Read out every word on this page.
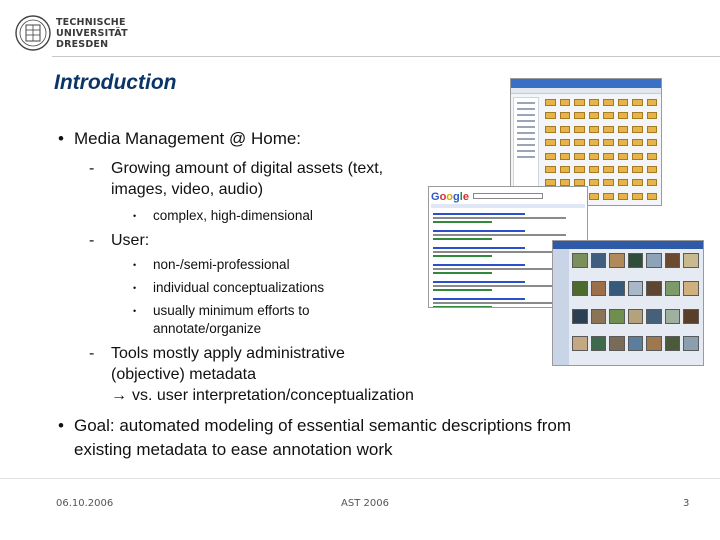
TECHNISCHE
UNIVERSITÄT
DRESDEN
Introduction
Google
• Media Management @ Home:
- Growing amount of digital assets (text,
images, video, audio)
• complex, high-dimensional
- User:
• non-/semi-professional
• individual conceptualizations
• usually minimum efforts to
annotate/organize
- Tools mostly apply administrative
(objective) metadata
→ vs. user interpretation/conceptualization
• Goal: automated modeling of essential semantic descriptions from
existing metadata to ease annotation work
06.10.2006	AST 2006	3
